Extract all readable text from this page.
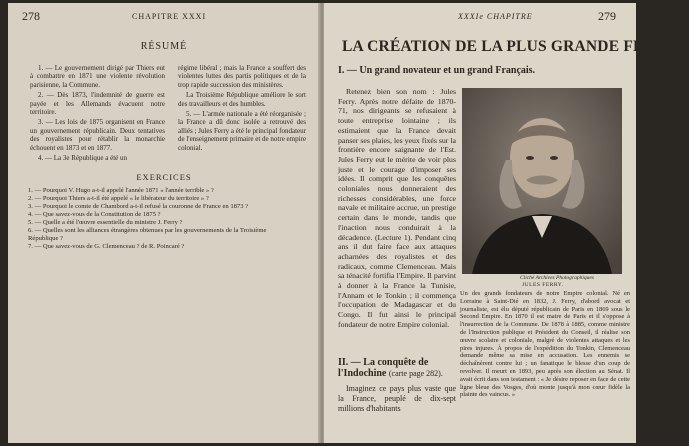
278	CHAPITRE XXXI
RÉSUMÉ

1. — Le gouvernement dirigé par Thiers eut à combattre en 1871 une violente révolution parisienne, la Commune.

2. — Dès 1873, l'indemnité de guerre est payée et les Allemands évacuent notre territoire.

3. — Les lois de 1875 organisent en France un gouvernement républicain. Deux tentatives des royalistes pour rétablir la monarchie échouent en 1873 et en 1877.

4. — La 3e République a été un

régime libéral ; mais la France a souffert des violentes luttes des partis politiques et de la trop rapide succession des ministères.

La Troisième République améliore le sort des travailleurs et des humbles.

5. — L'armée nationale a été réorganisée ; la France a dû donc isolée a retrouvé des alliés ; Jules Ferry a été le principal fondateur de l'enseignement primaire et de notre empire colonial.

EXERCICES
1. — Pourquoi V. Hugo a-t-il appelé l'année 1871 « l'année terrible » ?
2. — Pourquoi Thiers a-t-il été appelé « le libérateur du territoire » ?
3. — Pourquoi le comte de Chambord a-t-il refusé la couronne de France en 1873 ?
4. — Que savez-vous de la Constitution de 1875 ?
5. — Quelle a été l'œuvre essentielle du ministre J. Ferry ?
6. — Quelles sont les alliances étrangères obtenues par les gouvernements de la Troisième République ?
7. — Que savez-vous de G. Clemenceau ? de R. Poincaré ?
XXXIe CHAPITRE	279
LA CRÉATION DE LA PLUS GRANDE FRANCE
I. — Un grand novateur et un grand Français.

Retenez bien son nom : Jules Ferry. Après notre défaite de 1870-71, nos dirigeants se refusaient à toute entreprise lointaine ; ils estimaient que la France devait panser ses plaies, les yeux fixés sur la frontière encore saignante de l'Est. Jules Ferry eut le mérite de voir plus juste et le courage d'imposer ses idées. Il comprit que les conquêtes coloniales nous donneraient des richesses considérables, une force navale et militaire accrue, un prestige certain dans le monde, tandis que l'inaction nous conduirait à la décadence. (Lecture 1). Pendant cinq ans il dut faire face aux attaques acharnées des royalistes et des radicaux, comme Clemenceau. Mais sa ténacité fortifia l'Empire. Il parvint à donner à la France la Tunisie, l'Annam et le Tonkin ; il commença l'occupation de Madagascar et du Congo. Il fut ainsi le principal fondateur de notre Empire colonial.

Cliché Archives Photographiques
JULES FERRY.

Un des grands fondateurs de notre Empire colonial. Né en Lorraine à Saint-Dié en 1832, J. Ferry, d'abord avocat et journaliste, est élu député républicain de Paris en 1869 sous le Second Empire. En 1870 il est maire de Paris et il s'oppose à l'insurrection de la Commune. De 1878 à 1885, comme ministre de l'Instruction publique et Président du Conseil, il réalise son œuvre scolaire et coloniale, malgré de violentes attaques et les pires injures. À propos de l'expédition du Tonkin, Clemenceau demande même sa mise en accusation. Les ennemis se déchaînèrent contre lui ; un fanatique le blesse d'un coup de revolver. Il meurt en 1893, peu après son élection au Sénat. Il avait écrit dans son testament : « Je désire reposer en face de cette ligne bleue des Vosges, d'où monte jusqu'à mon cœur fidèle la plainte des vaincus. »

II. — La conquête de l'Indochine (carte page 282).

Imaginez ce pays plus vaste que la France, peuplé de dix-sept millions d'habitants
